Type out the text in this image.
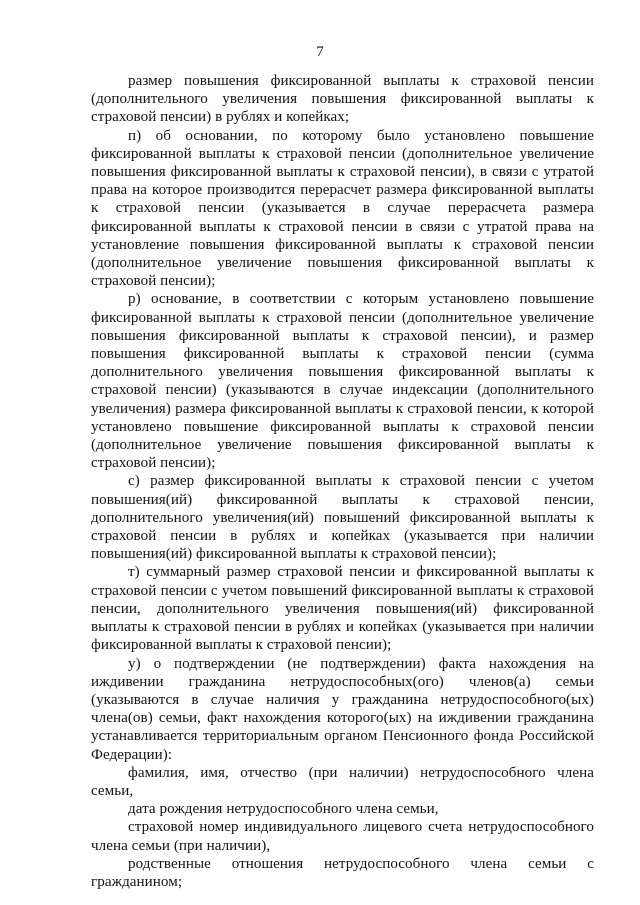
7

размер повышения фиксированной выплаты к страховой пенсии (дополнительного увеличения повышения фиксированной выплаты к страховой пенсии) в рублях и копейках;

п) об основании, по которому было установлено повышение фиксированной выплаты к страховой пенсии (дополнительное увеличение повышения фиксированной выплаты к страховой пенсии), в связи с утратой права на которое производится перерасчет размера фиксированной выплаты к страховой пенсии (указывается в случае перерасчета размера фиксированной выплаты к страховой пенсии в связи с утратой права на установление повышения фиксированной выплаты к страховой пенсии (дополнительное увеличение повышения фиксированной выплаты к страховой пенсии);

р) основание, в соответствии с которым установлено повышение фиксированной выплаты к страховой пенсии (дополнительное увеличение повышения фиксированной выплаты к страховой пенсии), и размер повышения фиксированной выплаты к страховой пенсии (сумма дополнительного увеличения повышения фиксированной выплаты к страховой пенсии) (указываются в случае индексации (дополнительного увеличения) размера фиксированной выплаты к страховой пенсии, к которой установлено повышение фиксированной выплаты к страховой пенсии (дополнительное увеличение повышения фиксированной выплаты к страховой пенсии);

с) размер фиксированной выплаты к страховой пенсии с учетом повышения(ий) фиксированной выплаты к страховой пенсии, дополнительного увеличения(ий) повышений фиксированной выплаты к страховой пенсии в рублях и копейках (указывается при наличии повышения(ий) фиксированной выплаты к страховой пенсии);

т) суммарный размер страховой пенсии и фиксированной выплаты к страховой пенсии с учетом повышений фиксированной выплаты к страховой пенсии, дополнительного увеличения повышения(ий) фиксированной выплаты к страховой пенсии в рублях и копейках (указывается при наличии фиксированной выплаты к страховой пенсии);

у) о подтверждении (не подтверждении) факта нахождения на иждивении гражданина нетрудоспособных(ого) членов(а) семьи (указываются в случае наличия у гражданина нетрудоспособного(ых) члена(ов) семьи, факт нахождения которого(ых) на иждивении гражданина устанавливается территориальным органом Пенсионного фонда Российской Федерации):

фамилия, имя, отчество (при наличии) нетрудоспособного члена семьи,

дата рождения нетрудоспособного члена семьи,

страховой номер индивидуального лицевого счета нетрудоспособного члена семьи (при наличии),

родственные отношения нетрудоспособного члена семьи с гражданином;
